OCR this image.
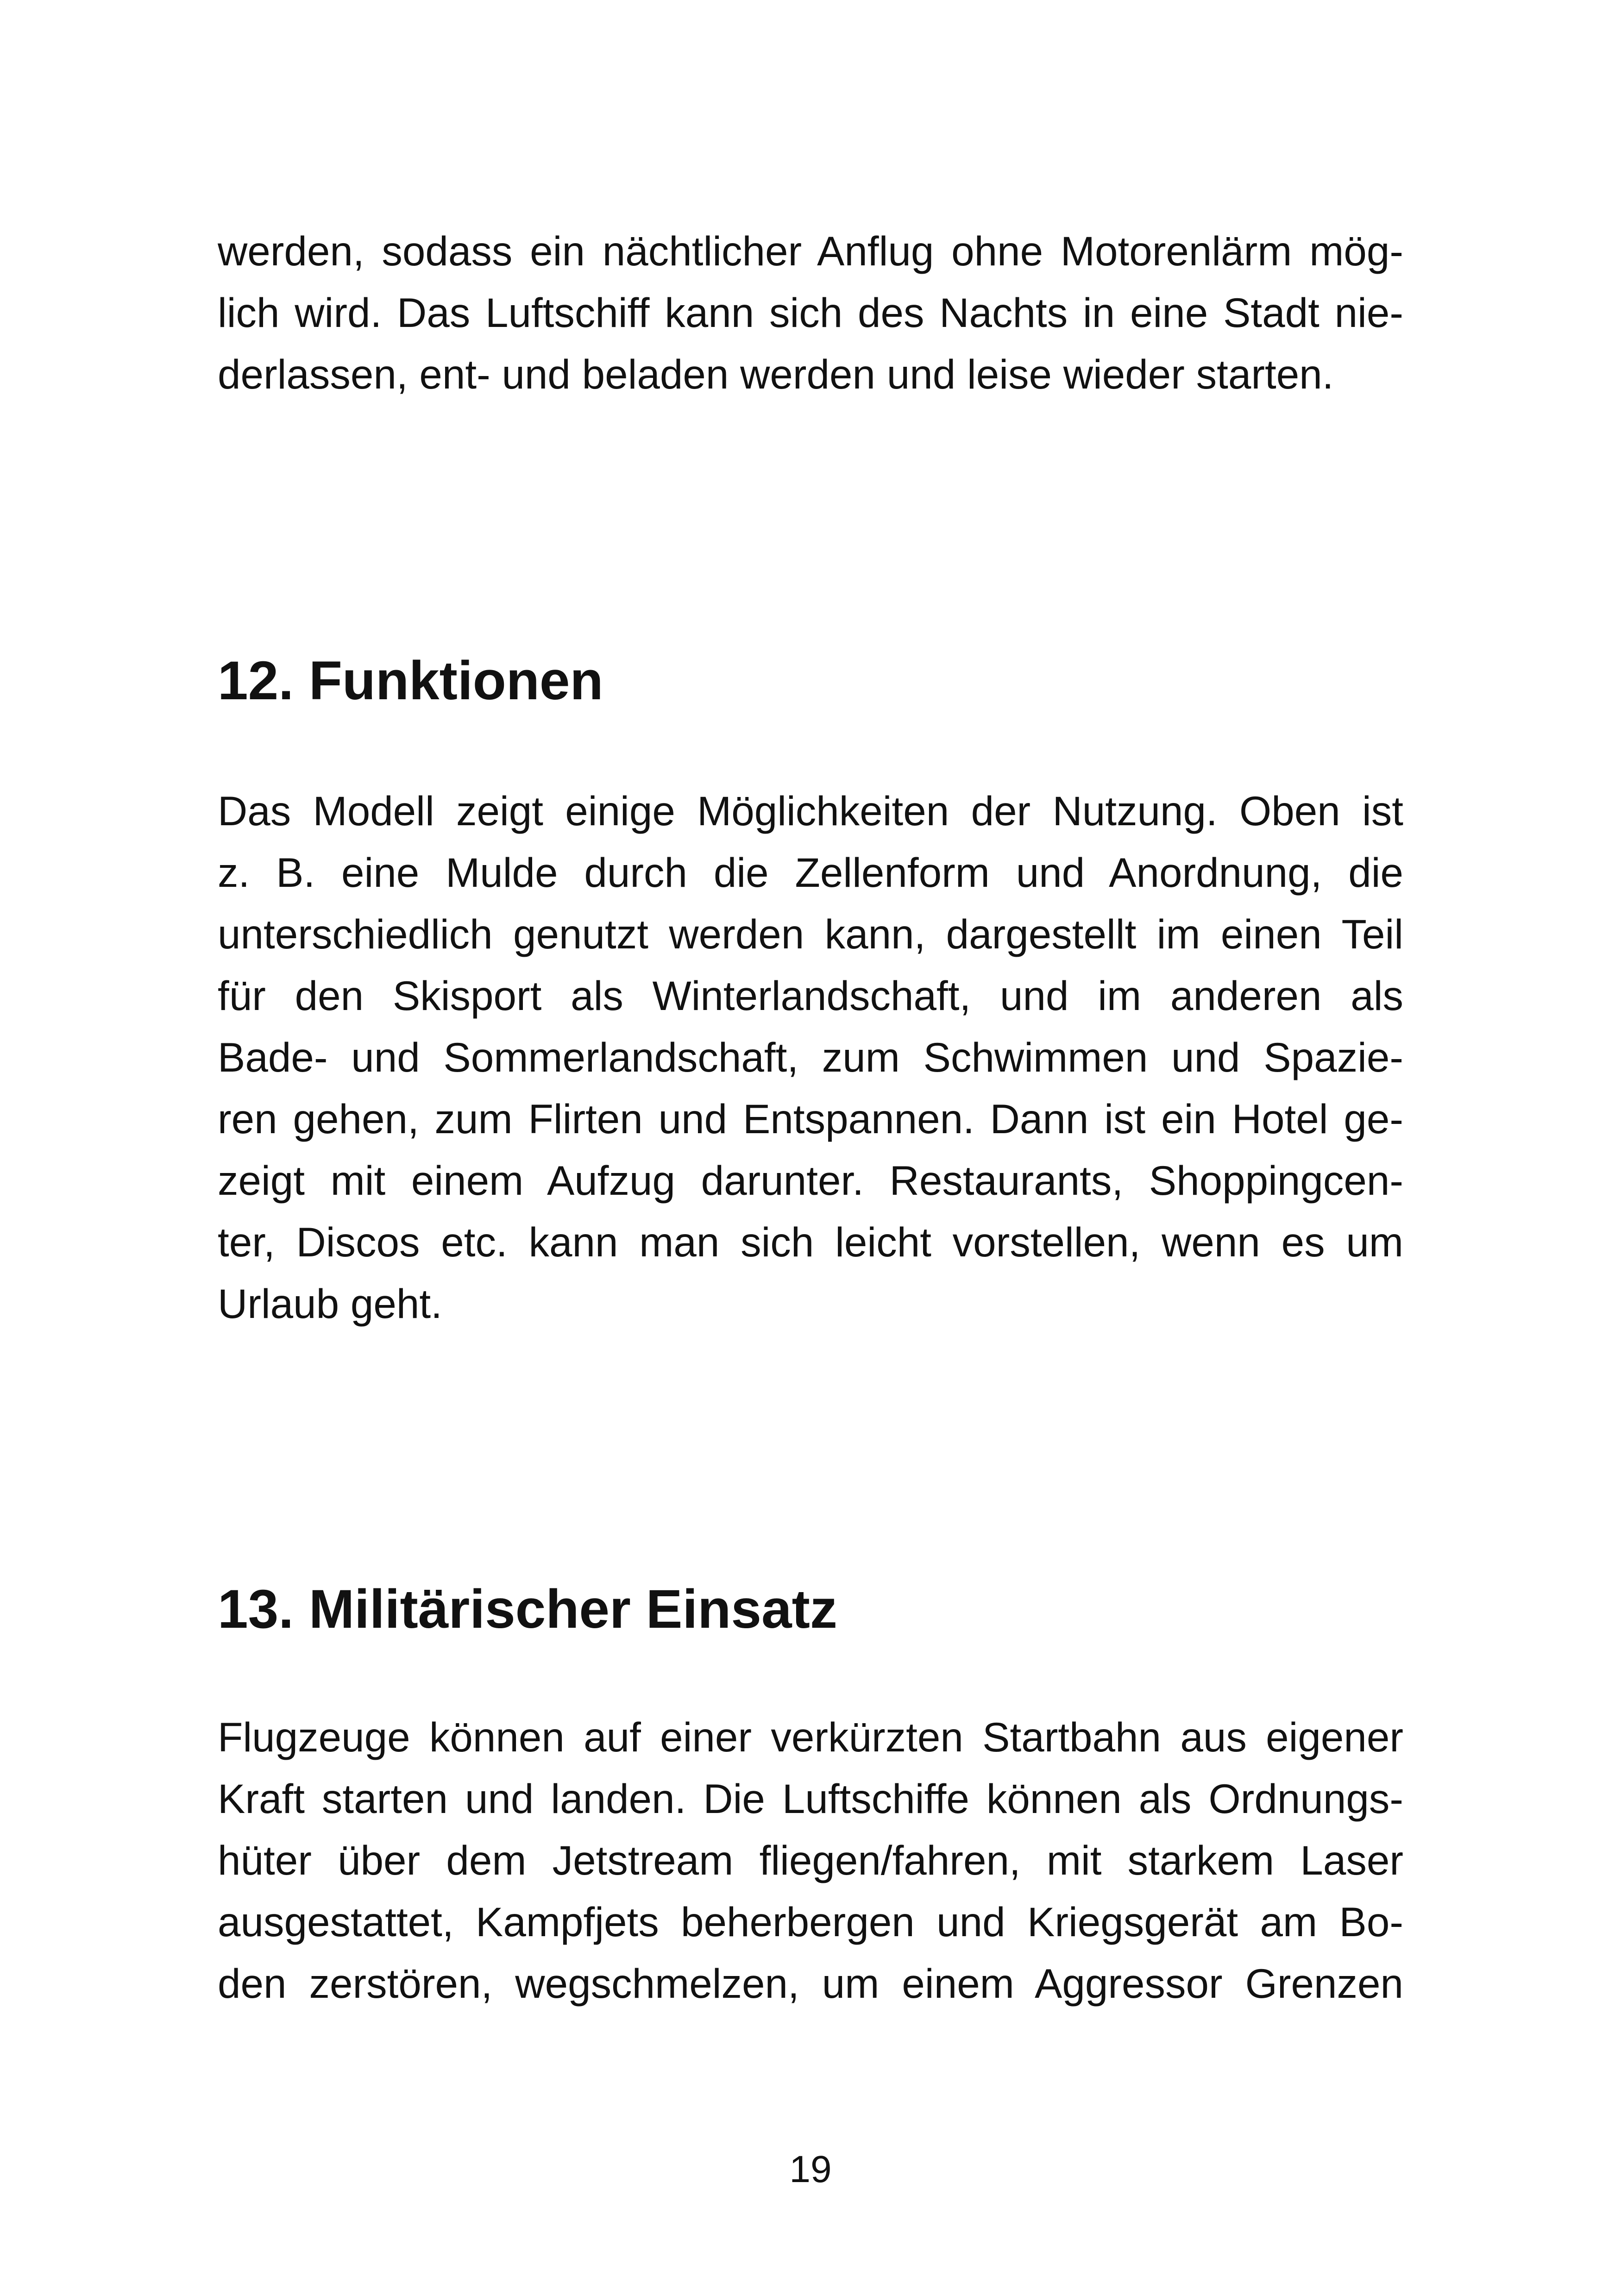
werden, sodass ein nächtlicher Anflug ohne Motorenlärm mög-
lich wird. Das Luftschiff kann sich des Nachts in eine Stadt nie-
derlassen, ent- und beladen werden und leise wieder starten.
12. Funktionen
Das Modell zeigt einige Möglichkeiten der Nutzung. Oben ist
z. B. eine Mulde durch die Zellenform und Anordnung, die
unterschiedlich genutzt werden kann, dargestellt im einen Teil
für den Skisport als Winterlandschaft, und im anderen als
Bade- und Sommerlandschaft, zum Schwimmen und Spazie-
ren gehen, zum Flirten und Entspannen. Dann ist ein Hotel ge-
zeigt mit einem Aufzug darunter. Restaurants, Shoppingcen-
ter, Discos etc. kann man sich leicht vorstellen, wenn es um
Urlaub geht.
13. Militärischer Einsatz
Flugzeuge können auf einer verkürzten Startbahn aus eigener
Kraft starten und landen. Die Luftschiffe können als Ordnungs-
hüter über dem Jetstream fliegen/fahren, mit starkem Laser
ausgestattet, Kampfjets beherbergen und Kriegsgerät am Bo-
den zerstören, wegschmelzen, um einem Aggressor Grenzen
19
